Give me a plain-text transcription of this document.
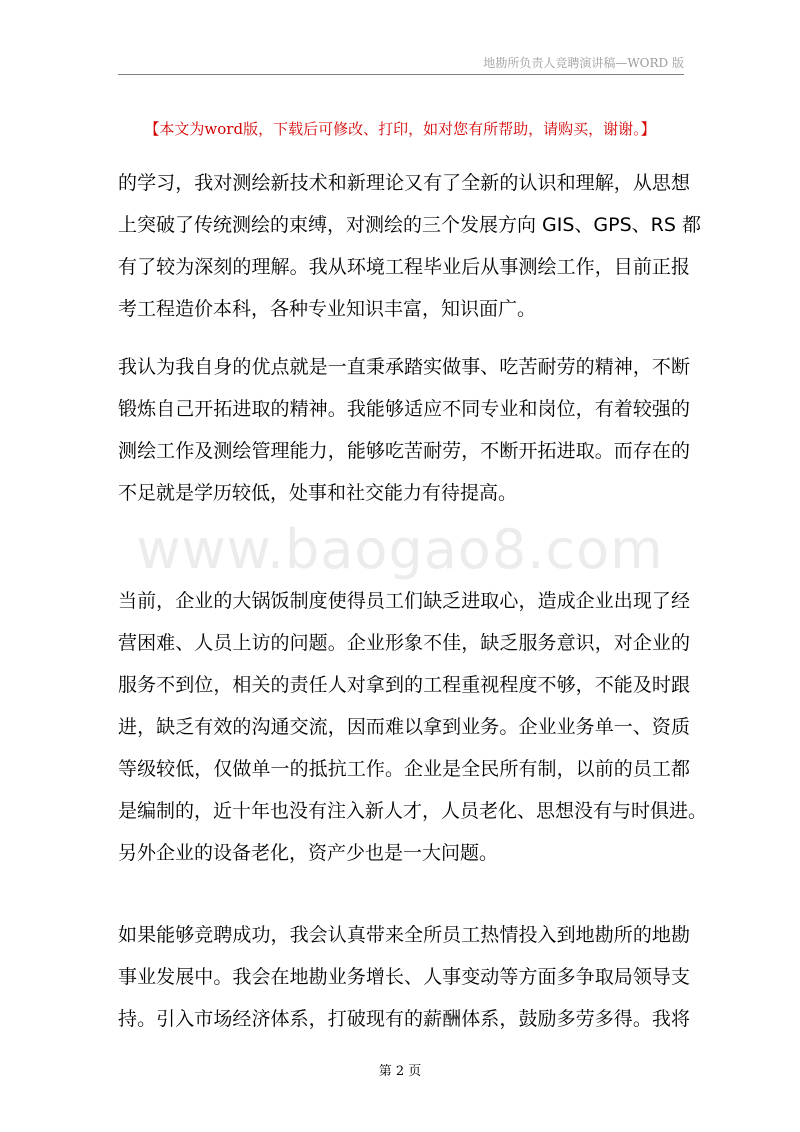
地勘所负责人竞聘演讲稿—WORD 版
【本文为word版，下载后可修改、打印，如对您有所帮助，请购买，谢谢。】
www.baogao8.com
的学习，我对测绘新技术和新理论又有了全新的认识和理解，从思想
上突破了传统测绘的束缚，对测绘的三个发展方向 GIS、GPS、RS 都
有了较为深刻的理解。我从环境工程毕业后从事测绘工作，目前正报
考工程造价本科，各种专业知识丰富，知识面广。
我认为我自身的优点就是一直秉承踏实做事、吃苦耐劳的精神，不断
锻炼自己开拓进取的精神。我能够适应不同专业和岗位，有着较强的
测绘工作及测绘管理能力，能够吃苦耐劳，不断开拓进取。而存在的
不足就是学历较低，处事和社交能力有待提高。
当前，企业的大锅饭制度使得员工们缺乏进取心，造成企业出现了经
营困难、人员上访的问题。企业形象不佳，缺乏服务意识，对企业的
服务不到位，相关的责任人对拿到的工程重视程度不够，不能及时跟
进，缺乏有效的沟通交流，因而难以拿到业务。企业业务单一、资质
等级较低，仅做单一的抵抗工作。企业是全民所有制，以前的员工都
是编制的，近十年也没有注入新人才，人员老化、思想没有与时俱进。
另外企业的设备老化，资产少也是一大问题。
如果能够竞聘成功，我会认真带来全所员工热情投入到地勘所的地勘
事业发展中。我会在地勘业务增长、人事变动等方面多争取局领导支
持。引入市场经济体系，打破现有的薪酬体系，鼓励多劳多得。我将
第 2 页
